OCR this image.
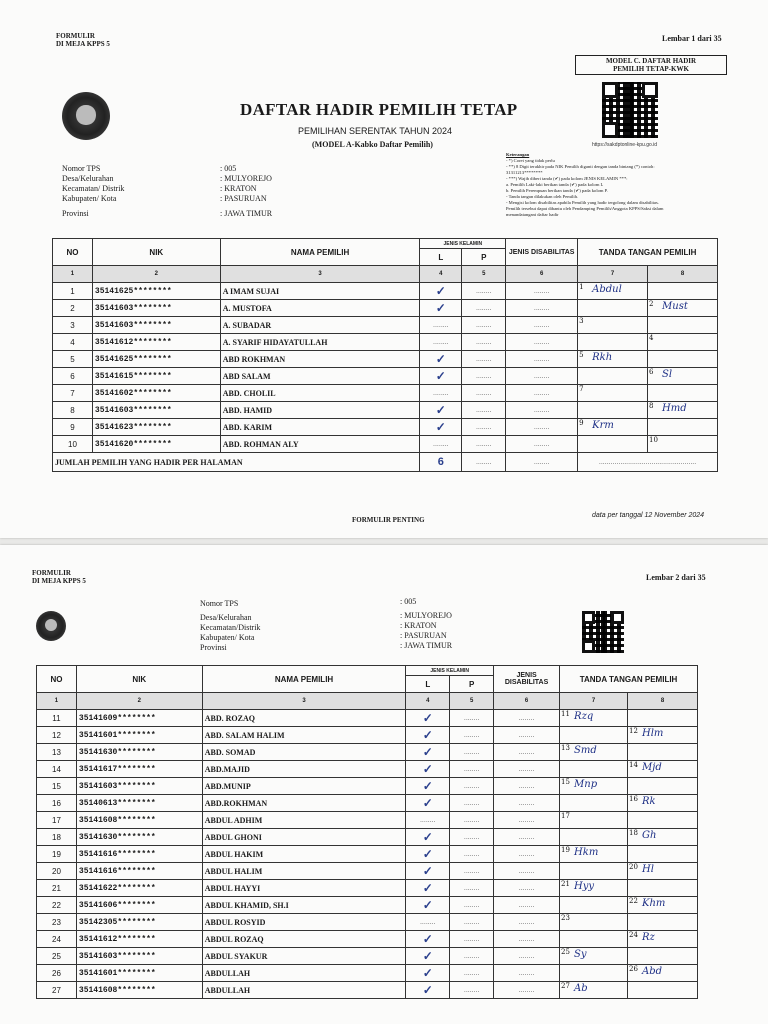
FORMULIR
DI MEJA KPPS 5
Lembar 1 dari 35
MODEL C. DAFTAR HADIR
PEMILIH TETAP-KWK
https://sakdptonline-kpu.go.id
DAFTAR HADIR PEMILIH TETAP
PEMILIHAN SERENTAK TAHUN 2024
(MODEL A-Kabko Daftar Pemilih)
Nomor TPS
Desa/Kelurahan
Kecamatan/ Distrik
Kabupaten/ Kota
Provinsi
: 005
: MULYOREJO
: KRATON
: PASURUAN
: JAWA TIMUR
Keterangan
- *) Coret yang tidak perlu
- **) 8 Digit terakhir pada NIK Pemilih diganti dengan tanda bintang (*) contoh:
31311213********
- ***) Wajib diberi tanda (✔) pada kolom JENIS KELAMIN ***:
a. Pemilih Laki-laki berikan tanda (✔) pada kolom L
b. Pemilih Perempuan berikan tanda (✔) pada kolom P.
- Tanda tangan dilakukan oleh Pemilih.
- Mengisi kolom disabilitas apabila Pemilih yang hadir tergolong dalam disabilitas.
Pemilih tersebut dapat dibantu oleh Pendamping Pemilih/Anggota KPPS/Saksi dalam
menandatangani daftar hadir
NO	NIK	NAMA PEMILIH	JENIS KELAMIN		JENIS DISABILITAS	TANDA TANGAN PEMILIH	
			L	P			
1	2	3	4	5	6	7	8
1	35141625********	A IMAM SUJAI	✓	........	........	1 Abdul	

2	35141603********	A. MUSTOFA	✓	........	........		2 Must

3	35141603********	A. SUBADAR	........	........	........	3	

4	35141612********	A. SYARIF HIDAYATULLAH	........	........	........		4

5	35141625********	ABD ROKHMAN	✓	........	........	5 Rkh	

6	35141615********	ABD SALAM	✓	........	........		6 Sl

7	35141602********	ABD. CHOLIL	........	........	........	7	

8	35141603********	ABD. HAMID	✓	........	........		8 Hmd

9	35141623********	ABD. KARIM	✓	........	........	9 Krm	

10	35141620********	ABD. ROHMAN ALY	........	........	........		10

JUMLAH PEMILIH YANG HADIR PER HALAMAN			6	........	........	..................................................	
FORMULIR PENTING
data per tanggal 12 November 2024
FORMULIR
DI MEJA KPPS 5	Lembar 2 dari 35
Nomor TPS
Desa/Kelurahan
Kecamatan/Distrik
Kabupaten/ Kota
Provinsi
: 005
: MULYOREJO
: KRATON
: PASURUAN
: JAWA TIMUR
NO	NIK	NAMA PEMILIH	JENIS KELAMIN		JENIS DISABILITAS	TANDA TANGAN PEMILIH	
			L	P			
1	2	3	4	5	6	7	8
11	35141609********	ABD. ROZAQ	✓	........	........	11 Rzq	

12	35141601********	ABD. SALAM HALIM	✓	........	........		12 Hlm

13	35141630********	ABD. SOMAD	✓	........	........	13 Smd	

14	35141617********	ABD.MAJID	✓	........	........		14 Mjd

15	35141603********	ABD.MUNIP	✓	........	........	15 Mnp	

16	35140613********	ABD.ROKHMAN	✓	........	........		16 Rk

17	35141608********	ABDUL ADHIM	........	........	........	17	

18	35141630********	ABDUL GHONI	✓	........	........		18 Gh

19	35141616********	ABDUL HAKIM	✓	........	........	19 Hkm	

20	35141616********	ABDUL HALIM	✓	........	........		20 Hl

21	35141622********	ABDUL HAYYI	✓	........	........	21 Hyy	

22	35141606********	ABDUL KHAMID, SH.I	✓	........	........		22 Khm

23	35142305********	ABDUL ROSYID	........	........	........	23	

24	35141612********	ABDUL ROZAQ	✓	........	........		24 Rz

25	35141603********	ABDUL SYAKUR	✓	........	........	25 Sy	

26	35141601********	ABDULLAH	✓	........	........		26 Abd

27	35141608********	ABDULLAH	✓	........	........	27 Ab	
